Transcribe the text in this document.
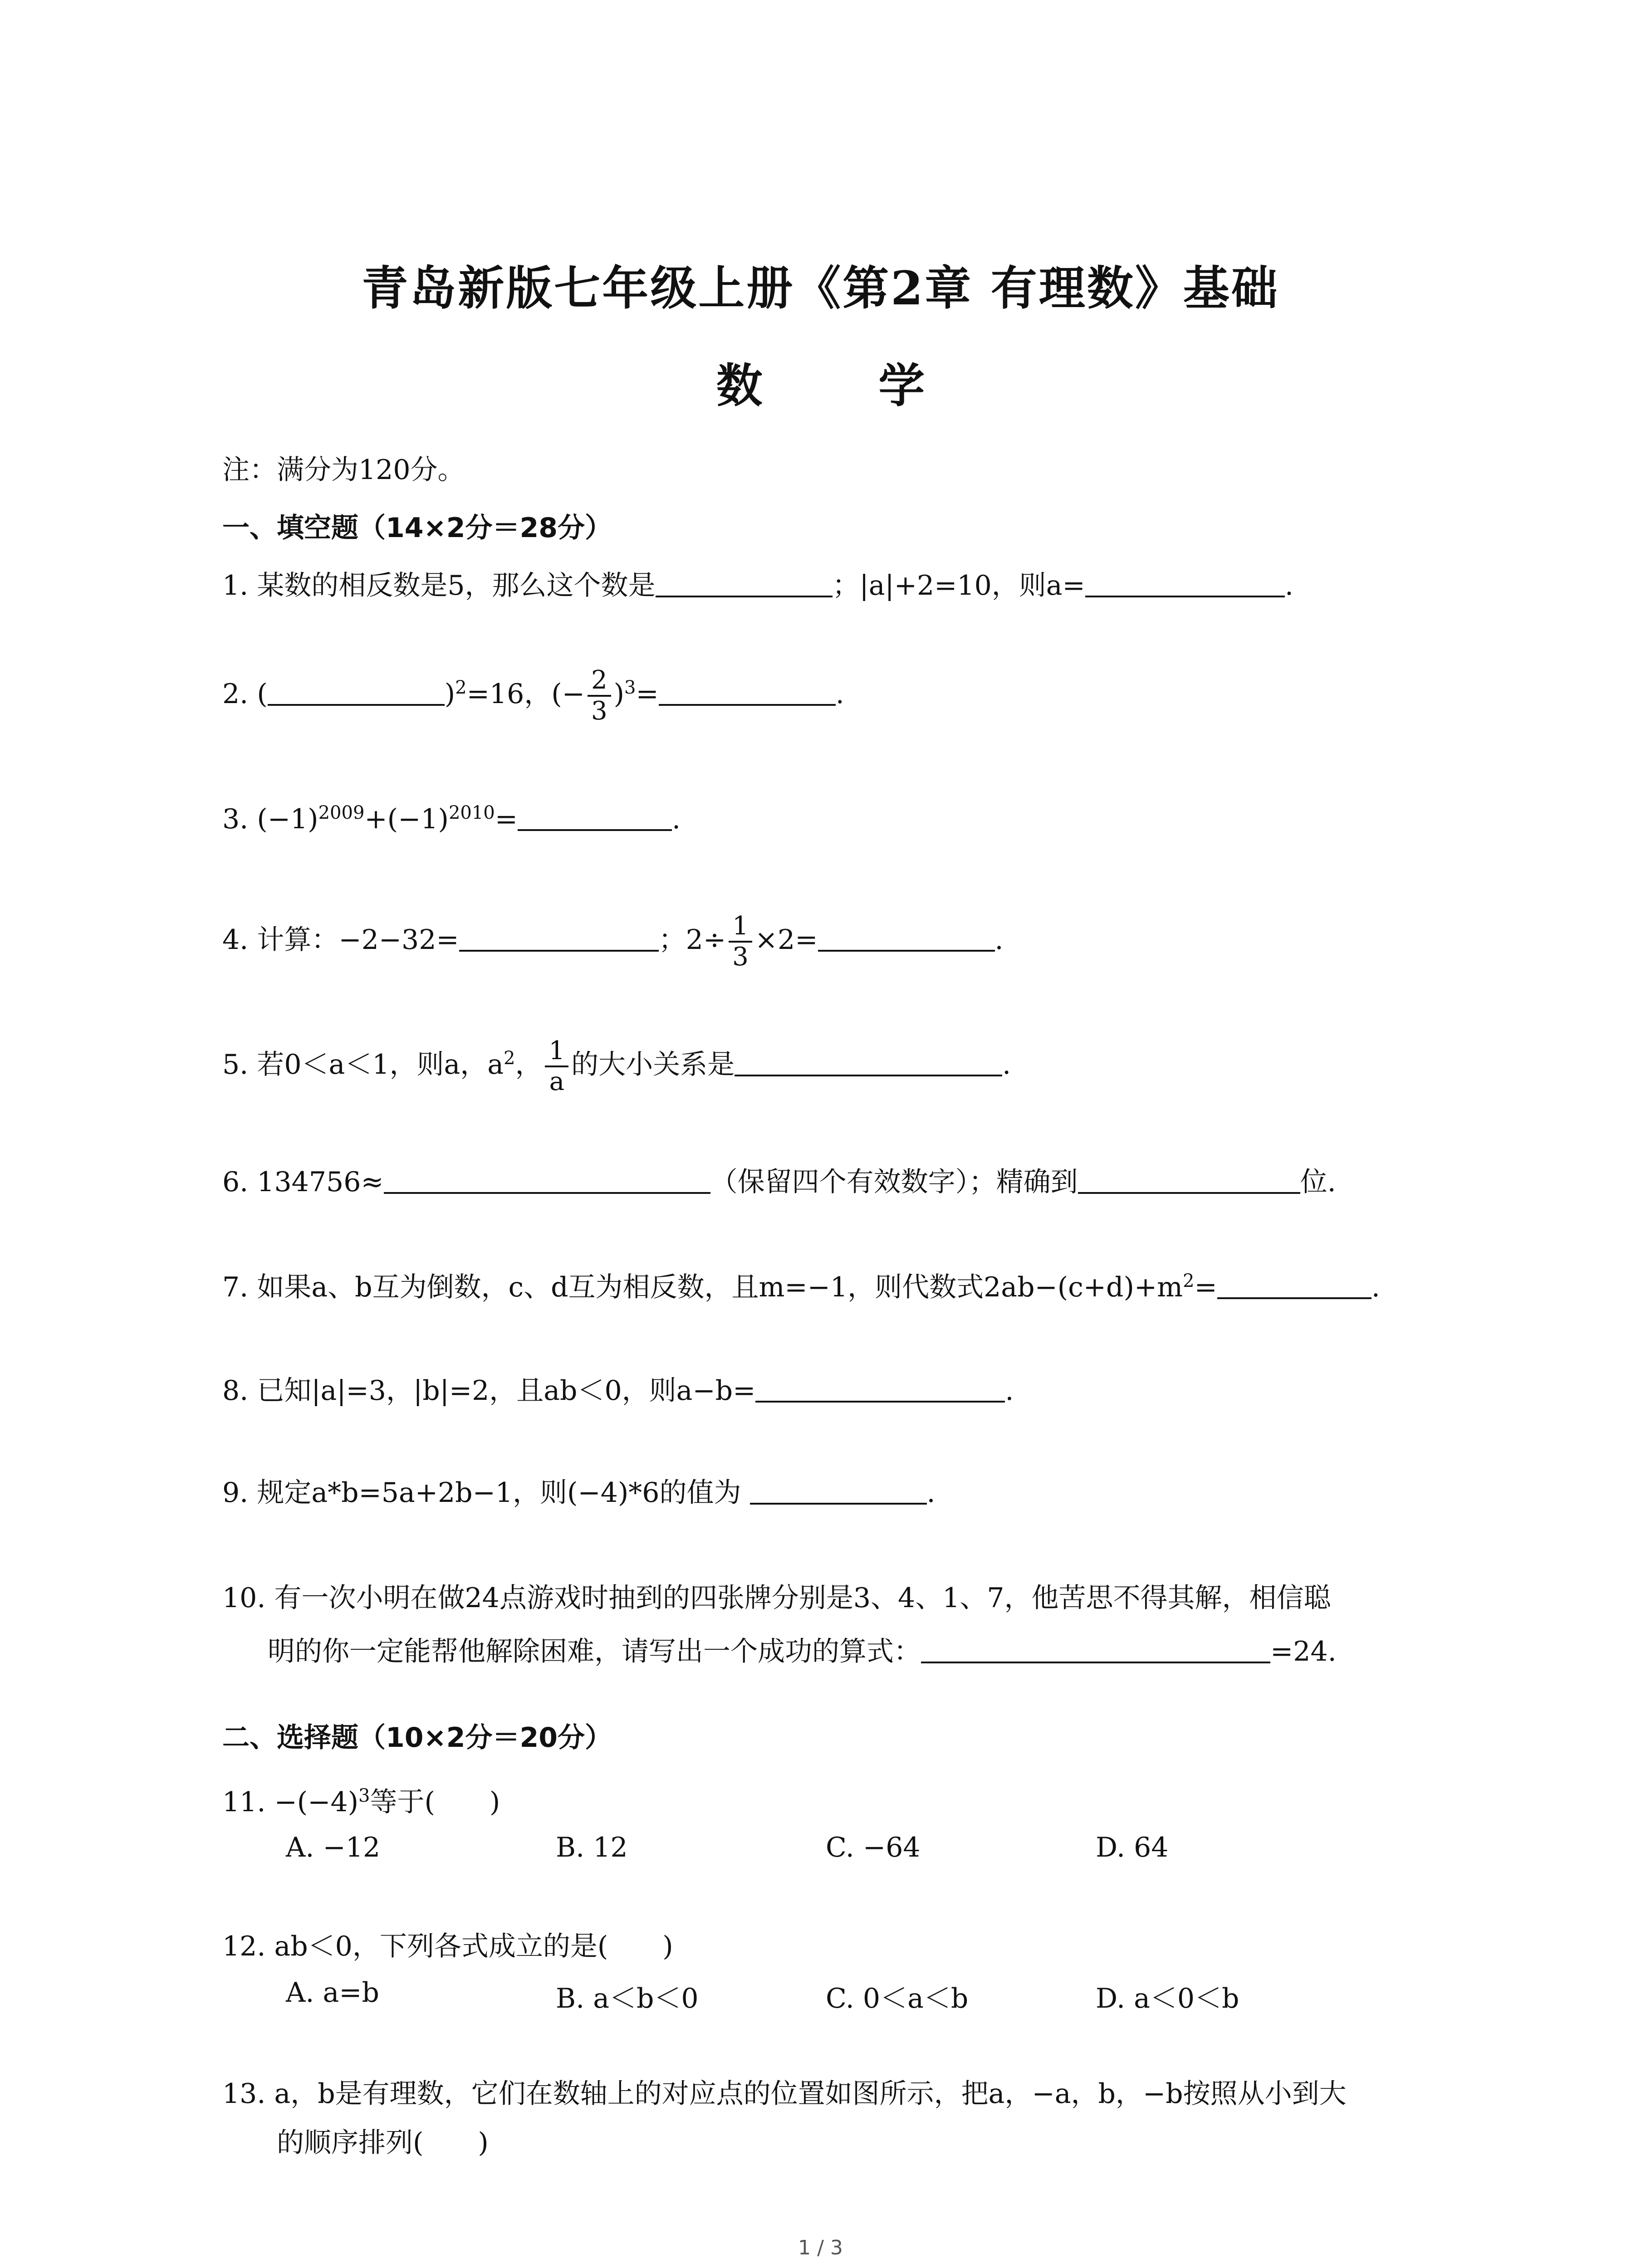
青岛新版七年级上册《第2章 有理数》基础
数 学
注：满分为120分。
一、填空题（14×2分＝28分）
1. 某数的相反数是5，那么这个数是	；|a|+2=10，则a=	.
2. (	)$^2$=16，(− $\frac{2}{3} )^3=$	.
3. $(-1)^{2009}+(-1)^{2010}=$	.
4. 计算：−2−32=	；$2\div \frac{1}{3} \times 2=$	.
5. 若0＜a＜1，则a，$a^2$， $\frac{1}{a}$ 的大小关系是	.
6. 134756≈	（保留四个有效数字）；精确到	位.
7. 如果a、b互为倒数，c、d互为相反数，且m=−1，则代数式$2ab-(c+d)+m^2=$	.
8. 已知|a|=3，|b|=2，且ab＜0，则a−b=	.
9. 规定a*b=5a+2b−1，则(−4)*6的值为	.
10. 有一次小明在做24点游戏时抽到的四张牌分别是3、4、1、7，他苦思不得其解，相信聪
明的你一定能帮他解除困难，请写出一个成功的算式：	=24.
二、选择题（10×2分＝20分）
11. $-(-4)^3$等于(　　)
A. −12	B. 12	C. −64	D. 64
12. ab＜0，下列各式成立的是(　　)
A. a=b	B. a＜b＜0	C. 0＜a＜b	D. a＜0＜b
13. a，b是有理数，它们在数轴上的对应点的位置如图所示，把a，−a，b，−b按照从小到大
的顺序排列(　　)
1 / 3
